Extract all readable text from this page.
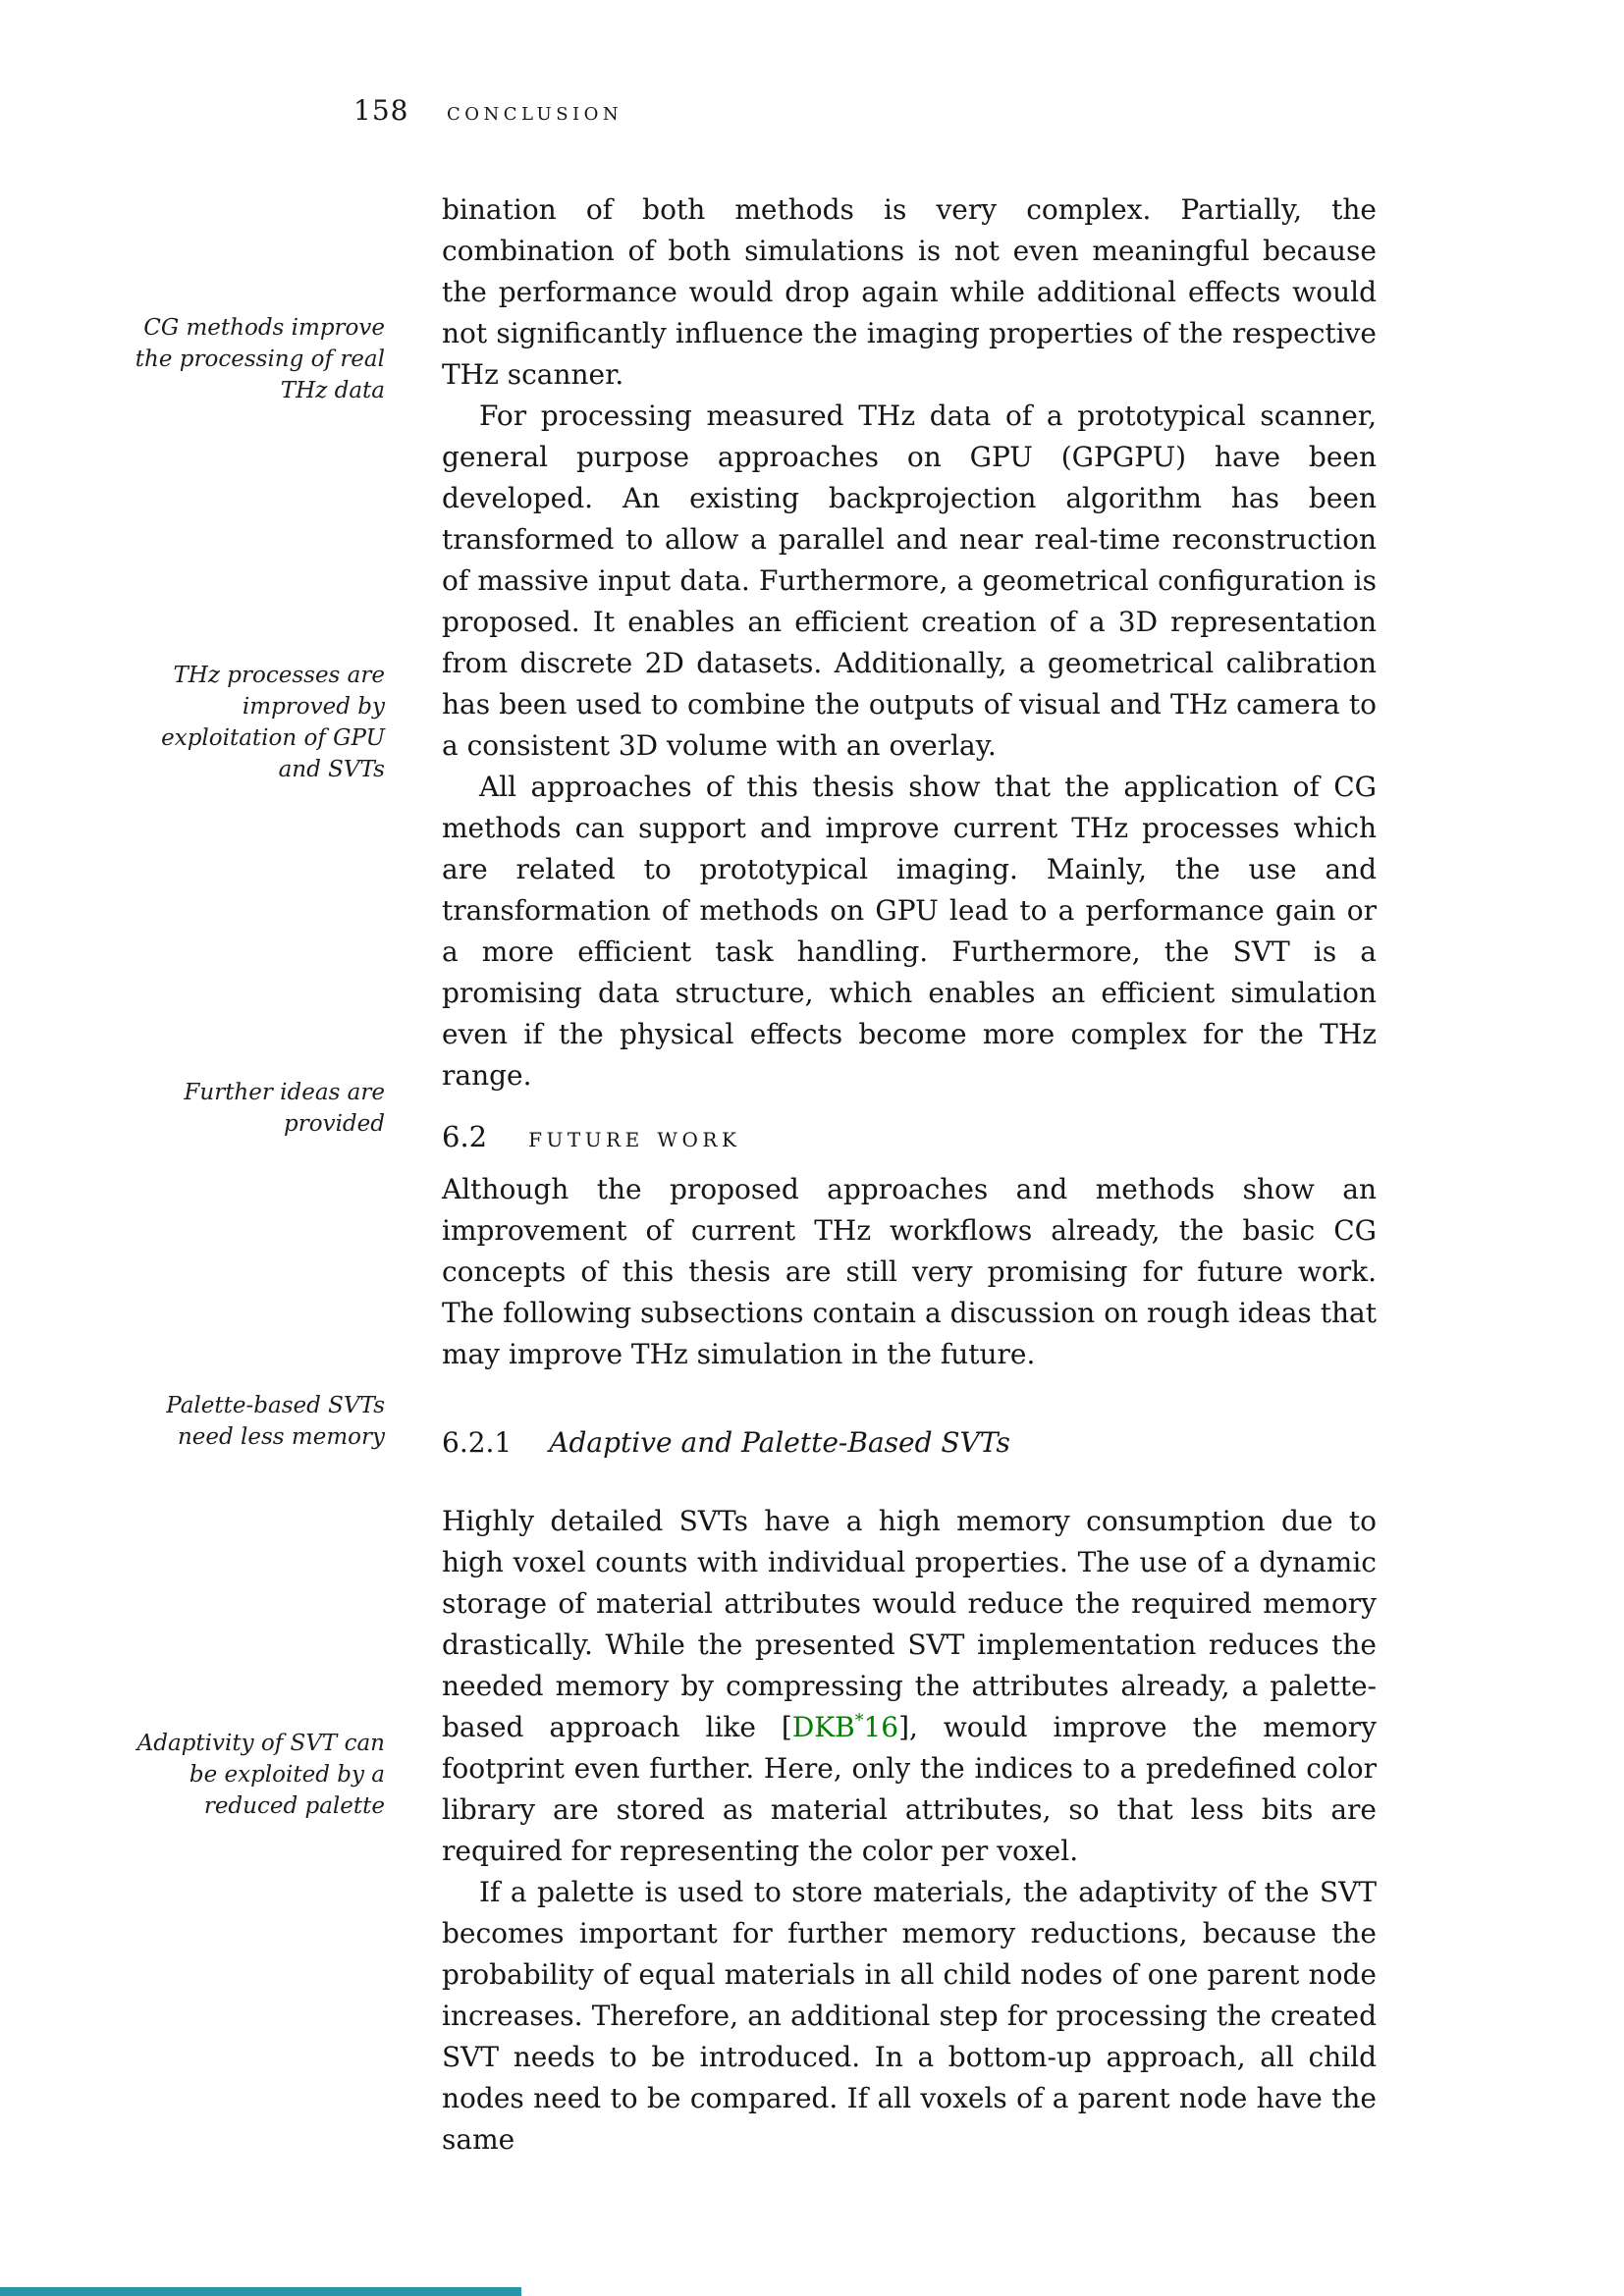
158 conclusion
CG methods improve the processing of real THz data
THz processes are improved by exploitation of GPU and SVTs
Further ideas are provided
Palette-based SVTs need less memory
Adaptivity of SVT can be exploited by a reduced palette

bination of both methods is very complex. Partially, the combination of both simulations is not even meaningful because the performance would drop again while additional effects would not significantly influence the imaging properties of the respective THz scanner.

For processing measured THz data of a prototypical scanner, general purpose approaches on GPU (GPGPU) have been developed. An existing backprojection algorithm has been transformed to allow a parallel and near real-time reconstruction of massive input data. Furthermore, a geometrical configuration is proposed. It enables an efficient creation of a 3D representation from discrete 2D datasets. Additionally, a geometrical calibration has been used to combine the outputs of visual and THz camera to a consistent 3D volume with an overlay.

All approaches of this thesis show that the application of CG methods can support and improve current THz processes which are related to prototypical imaging. Mainly, the use and transformation of methods on GPU lead to a performance gain or a more efficient task handling. Furthermore, the SVT is a promising data structure, which enables an efficient simulation even if the physical effects become more complex for the THz range.

6.2 future work

Although the proposed approaches and methods show an improvement of current THz workflows already, the basic CG concepts of this thesis are still very promising for future work. The following subsections contain a discussion on rough ideas that may improve THz simulation in the future.

6.2.1 Adaptive and Palette-Based SVTs

Highly detailed SVTs have a high memory consumption due to high voxel counts with individual properties. The use of a dynamic storage of material attributes would reduce the required memory drastically. While the presented SVT implementation reduces the needed memory by compressing the attributes already, a palette-based approach like [DKB*16], would improve the memory footprint even further. Here, only the indices to a predefined color library are stored as material attributes, so that less bits are required for representing the color per voxel.

If a palette is used to store materials, the adaptivity of the SVT becomes important for further memory reductions, because the probability of equal materials in all child nodes of one parent node increases. Therefore, an additional step for processing the created SVT needs to be introduced. In a bottom-up approach, all child nodes need to be compared. If all voxels of a parent node have the same
